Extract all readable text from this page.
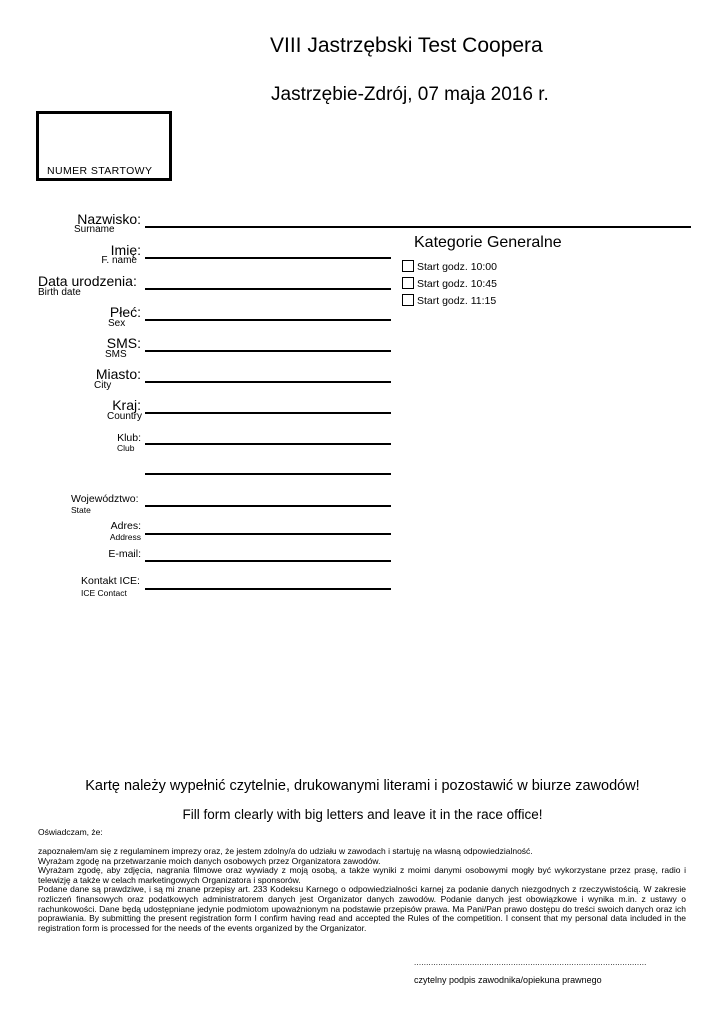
VIII Jastrzębski Test Coopera
Jastrzębie-Zdrój, 07 maja 2016 r.
NUMER STARTOWY
Nazwisko:
Surname
Imię:
F. name
Data urodzenia:
Birth date
Płeć:
Sex
SMS:
SMS
Miasto:
City
Kraj:
Country
Klub:
Club
Województwo:
State
Adres:
Address
E-mail:
Kontakt ICE:
ICE Contact
Kategorie Generalne
Start godz. 10:00
Start godz. 10:45
Start godz. 11:15
Kartę należy wypełnić czytelnie, drukowanymi literami i pozostawić w biurze zawodów!
Fill form clearly with big letters and leave it in the race office!
Oświadczam, że:

zapoznałem/am się z regulaminem imprezy oraz, że jestem zdolny/a do udziału w zawodach i startuję na własną odpowiedzialność.

Wyrażam zgodę na przetwarzanie moich danych osobowych przez Organizatora zawodów.

Wyrażam zgodę, aby zdjęcia, nagrania filmowe oraz wywiady z moją osobą, a także wyniki z moimi danymi osobowymi mogły być wykorzystane przez prasę, radio i telewizję a także w celach marketingowych Organizatora i sponsorów.

Podane dane są prawdziwe, i są mi znane przepisy art. 233 Kodeksu Karnego o odpowiedzialności karnej za podanie danych niezgodnych z rzeczywistością. W zakresie rozliczeń finansowych oraz podatkowych administratorem danych jest Organizator danych zawodów. Podanie danych jest obowiązkowe i wynika m.in. z ustawy o rachunkowości. Dane będą udostępniane jedynie podmiotom upoważnionym na podstawie przepisów prawa. Ma Pani/Pan prawo dostępu do treści swoich danych oraz ich poprawiania. By submitting the present registration form I confirm having read and accepted the Rules of the competition. I consent that my personal data included in the registration form is processed for the needs of the events organized by the Organizator.

................................................................................................
czytelny podpis zawodnika/opiekuna prawnego
